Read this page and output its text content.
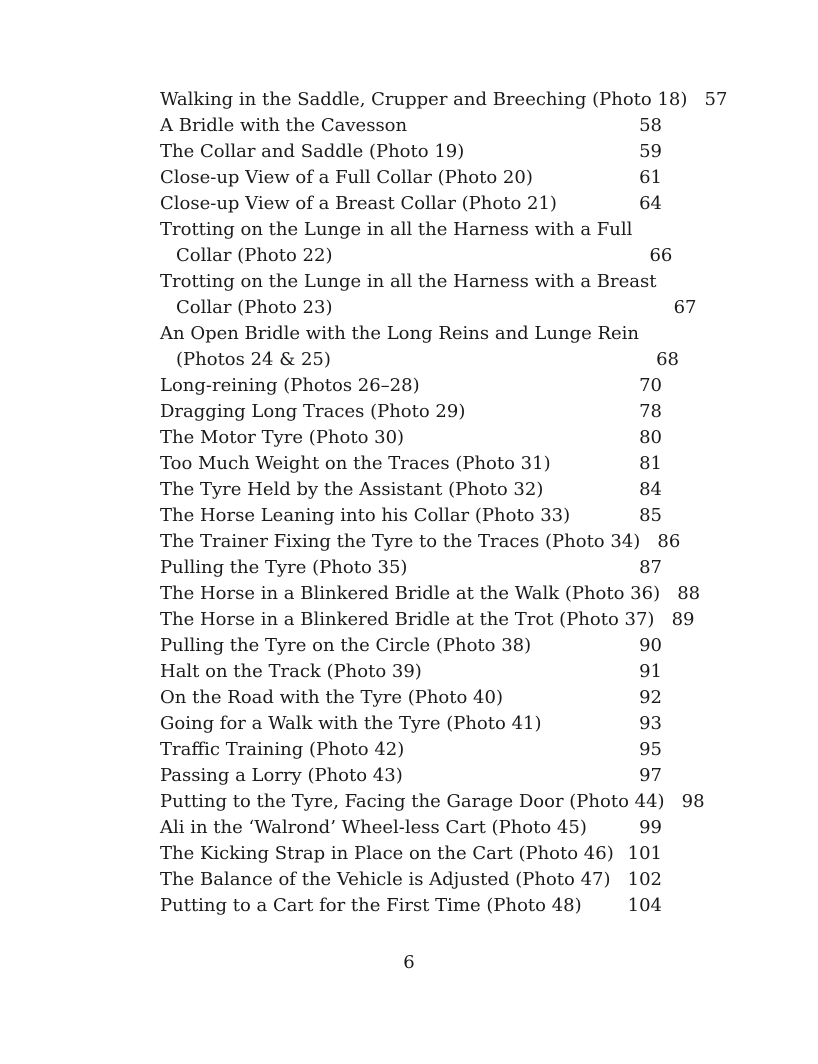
Walking in the Saddle, Crupper and Breeching (Photo 18) 57
A Bridle with the Cavesson	58
The Collar and Saddle (Photo 19)	59
Close-up View of a Full Collar (Photo 20)	61
Close-up View of a Breast Collar (Photo 21)	64
Trotting on the Lunge in all the Harness with a Full
Collar (Photo 22)	66
Trotting on the Lunge in all the Harness with a Breast
Collar (Photo 23)	67
An Open Bridle with the Long Reins and Lunge Rein
(Photos 24 & 25)	68
Long-reining (Photos 26–28)	70
Dragging Long Traces (Photo 29)	78
The Motor Tyre (Photo 30)	80
Too Much Weight on the Traces (Photo 31)	81
The Tyre Held by the Assistant (Photo 32)	84
The Horse Leaning into his Collar (Photo 33)	85
The Trainer Fixing the Tyre to the Traces (Photo 34) 86
Pulling the Tyre (Photo 35)	87
The Horse in a Blinkered Bridle at the Walk (Photo 36) 88
The Horse in a Blinkered Bridle at the Trot (Photo 37) 89
Pulling the Tyre on the Circle (Photo 38)	90
Halt on the Track (Photo 39)	91
On the Road with the Tyre (Photo 40)	92
Going for a Walk with the Tyre (Photo 41)	93
Traffic Training (Photo 42)	95
Passing a Lorry (Photo 43)	97
Putting to the Tyre, Facing the Garage Door (Photo 44) 98
Ali in the ‘Walrond’ Wheel-less Cart (Photo 45)	99
The Kicking Strap in Place on the Cart (Photo 46) 101
The Balance of the Vehicle is Adjusted (Photo 47) 102
Putting to a Cart for the First Time (Photo 48)	104
6
